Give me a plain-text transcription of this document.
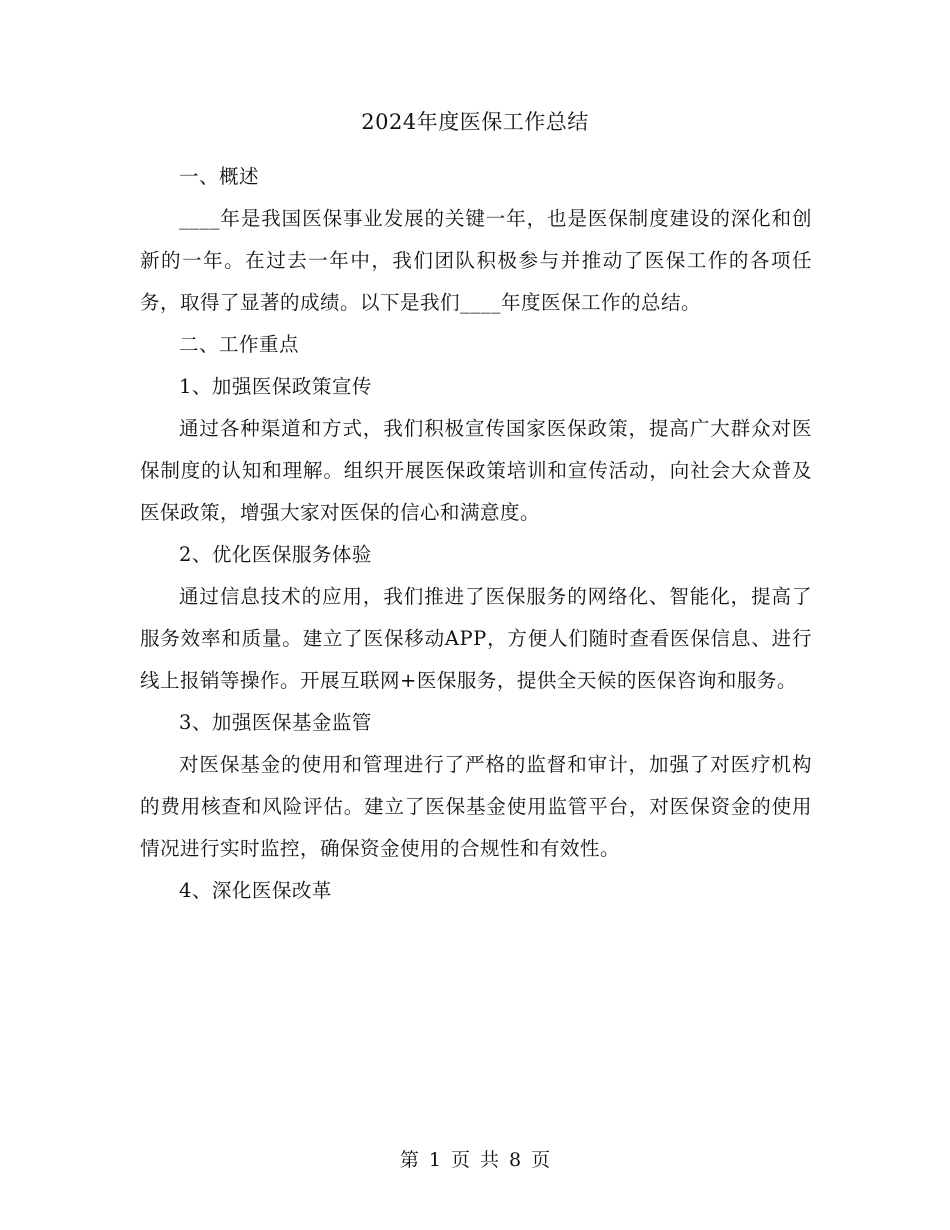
2024年度医保工作总结

一、概述

____年是我国医保事业发展的关键一年，也是医保制度建设的深化和创新的一年。在过去一年中，我们团队积极参与并推动了医保工作的各项任务，取得了显著的成绩。以下是我们____年度医保工作的总结。

二、工作重点

1、加强医保政策宣传

通过各种渠道和方式，我们积极宣传国家医保政策，提高广大群众对医保制度的认知和理解。组织开展医保政策培训和宣传活动，向社会大众普及医保政策，增强大家对医保的信心和满意度。

2、优化医保服务体验

通过信息技术的应用，我们推进了医保服务的网络化、智能化，提高了服务效率和质量。建立了医保移动APP，方便人们随时查看医保信息、进行线上报销等操作。开展互联网+医保服务，提供全天候的医保咨询和服务。

3、加强医保基金监管

对医保基金的使用和管理进行了严格的监督和审计，加强了对医疗机构的费用核查和风险评估。建立了医保基金使用监管平台，对医保资金的使用情况进行实时监控，确保资金使用的合规性和有效性。

4、深化医保改革

第 1 页 共 8 页
